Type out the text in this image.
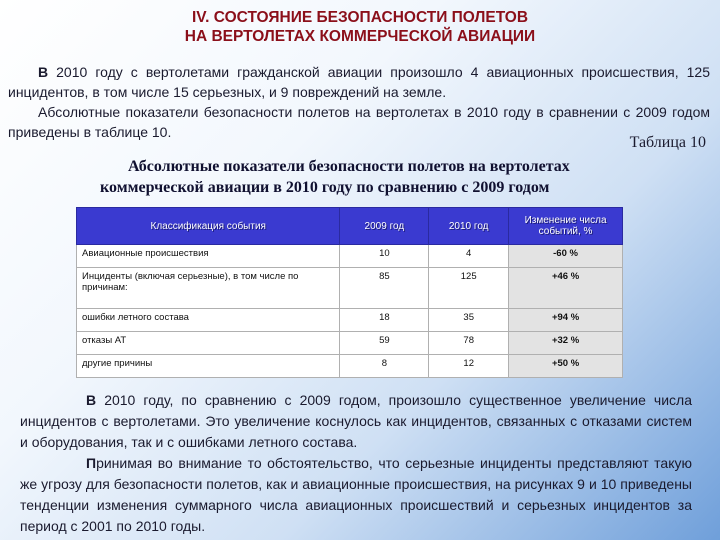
IV. СОСТОЯНИЕ БЕЗОПАСНОСТИ ПОЛЕТОВ
НА ВЕРТОЛЕТАХ КОММЕРЧЕСКОЙ АВИАЦИИ

В 2010 году с вертолетами гражданской авиации произошло 4 авиационных происшествия, 125 инцидентов, в том числе 15 серьезных, и 9 повреждений на земле.

Абсолютные показатели безопасности полетов на вертолетах в 2010 году в сравнении с 2009 годом приведены в таблице 10.

Таблица 10
Абсолютные показатели безопасности полетов на вертолетах
коммерческой авиации в 2010 году по сравнению с 2009 годом
Классификация события	2009 год	2010 год	Изменение числа событий, %
Авиационные происшествия	10	4	-60 %
Инциденты (включая серьезные), в том числе по причинам:	85	125	+46 %
ошибки летного состава	18	35	+94 %
отказы АТ	59	78	+32 %
другие причины	8	12	+50 %

В 2010 году, по сравнению с 2009 годом, произошло существенное увеличение числа инцидентов с вертолетами. Это увеличение коснулось как инцидентов, связанных с отказами систем и оборудования, так и с ошибками летного состава.

Принимая во внимание то обстоятельство, что серьезные инциденты представляют такую же угрозу для безопасности полетов, как и авиационные происшествия, на рисунках 9 и 10 приведены тенденции изменения суммарного числа авиационных происшествий и серьезных инцидентов за период с 2001 по 2010 годы.
